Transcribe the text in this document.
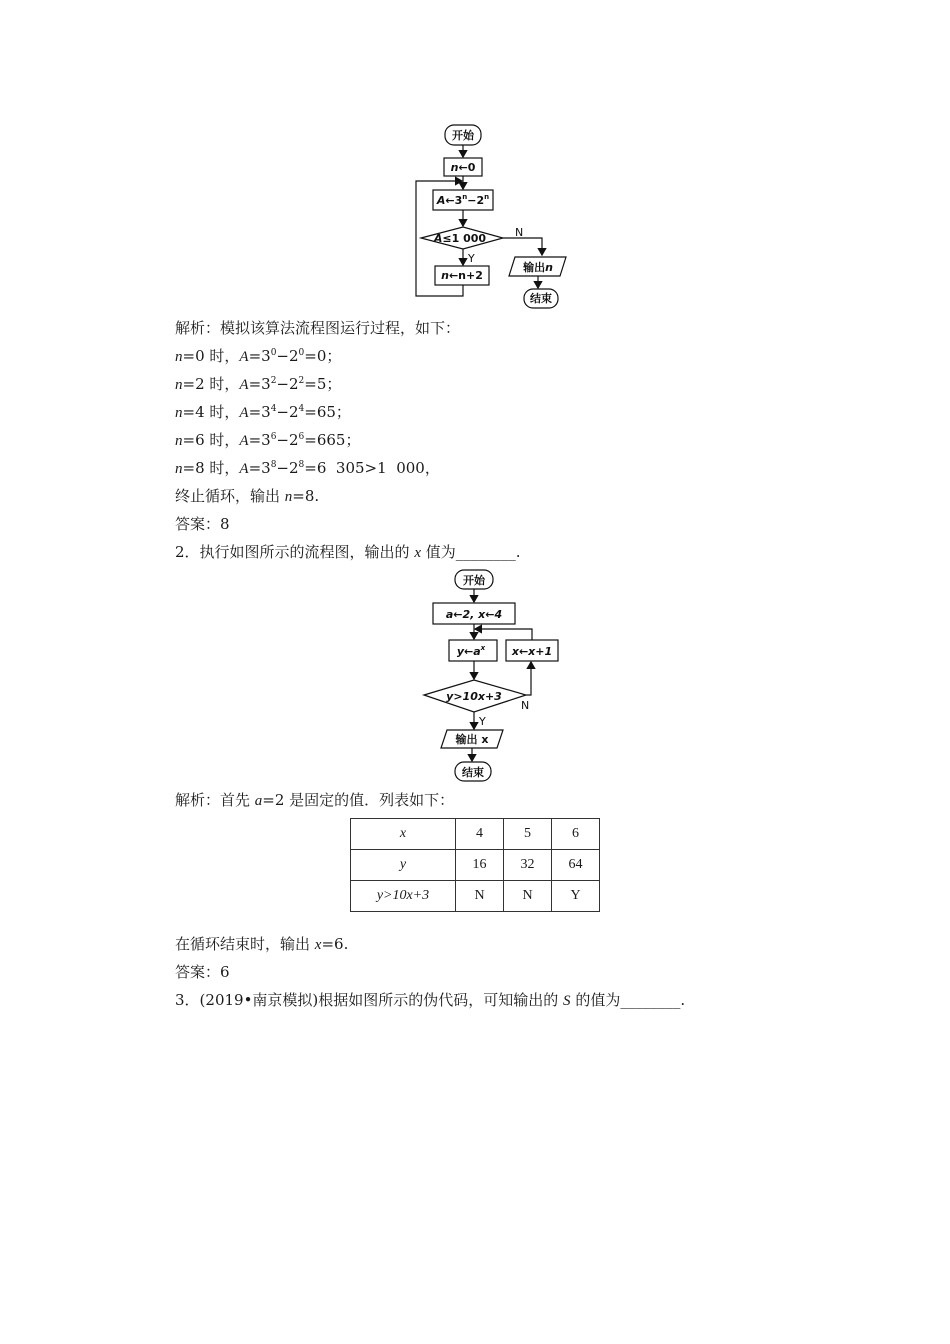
开始
n←0
$A\leftarrow 3^n-2^n$
A≤1 000
Y
N
n←n+2
输出n
结束
解析：模拟该算法流程图运行过程，如下：
n=0 时，$A=3^0-2^0=0$；
n=2 时，$A=3^2-2^2=5$；
n=4 时，$A=3^4-2^4=65$；
n=6 时，$A=3^6-2^6=665$；
n=8 时，$A=3^8-2^8=6$  305>1  000，
终止循环，输出 n=8.
答案：8
2．执行如图所示的流程图，输出的 x 值为________.
开始
a←2, x←4
$y\leftarrow a^x$ x←x+1
y>10x+3
Y
N
输出 x
结束
解析：首先 a=2 是固定的值．列表如下：
x	4	5	6
y	16	32	64
y>10x+3	N	N	Y
在循环结束时，输出 x=6.
答案：6
3．(2019•南京模拟)根据如图所示的伪代码，可知输出的 S 的值为________.
